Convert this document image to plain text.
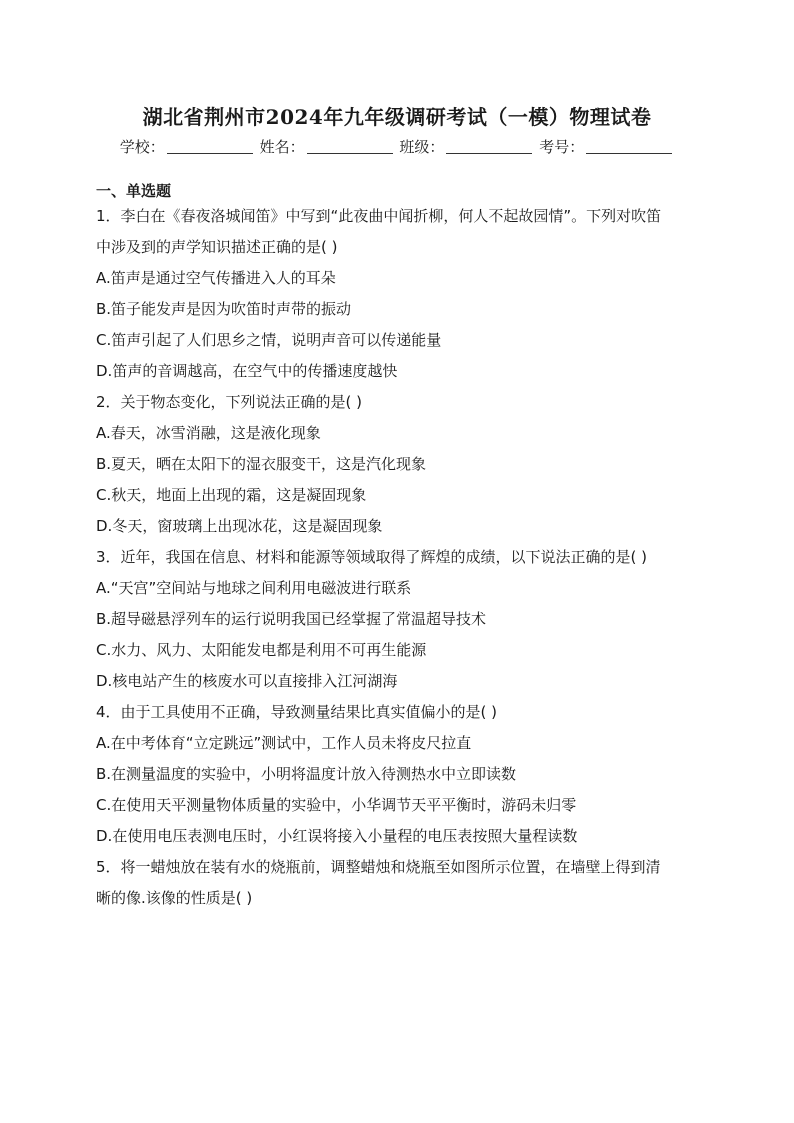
湖北省荆州市2024年九年级调研考试（一模）物理试卷
学校：	姓名：	班级：	考号：
一、单选题
1．李白在《春夜洛城闻笛》中写到“此夜曲中闻折柳，何人不起故园情”。下列对吹笛
中涉及到的声学知识描述正确的是( )
A.笛声是通过空气传播进入人的耳朵
B.笛子能发声是因为吹笛时声带的振动
C.笛声引起了人们思乡之情，说明声音可以传递能量
D.笛声的音调越高，在空气中的传播速度越快
2．关于物态变化，下列说法正确的是( )
A.春天，冰雪消融，这是液化现象
B.夏天，晒在太阳下的湿衣服变干，这是汽化现象
C.秋天，地面上出现的霜，这是凝固现象
D.冬天，窗玻璃上出现冰花，这是凝固现象
3．近年，我国在信息、材料和能源等领域取得了辉煌的成绩，以下说法正确的是( )
A.“天宫”空间站与地球之间利用电磁波进行联系
B.超导磁悬浮列车的运行说明我国已经掌握了常温超导技术
C.水力、风力、太阳能发电都是利用不可再生能源
D.核电站产生的核废水可以直接排入江河湖海
4．由于工具使用不正确，导致测量结果比真实值偏小的是( )
A.在中考体育“立定跳远”测试中，工作人员未将皮尺拉直
B.在测量温度的实验中，小明将温度计放入待测热水中立即读数
C.在使用天平测量物体质量的实验中，小华调节天平平衡时，游码未归零
D.在使用电压表测电压时，小红误将接入小量程的电压表按照大量程读数
5．将一蜡烛放在装有水的烧瓶前，调整蜡烛和烧瓶至如图所示位置，在墙壁上得到清
晰的像.该像的性质是( )
